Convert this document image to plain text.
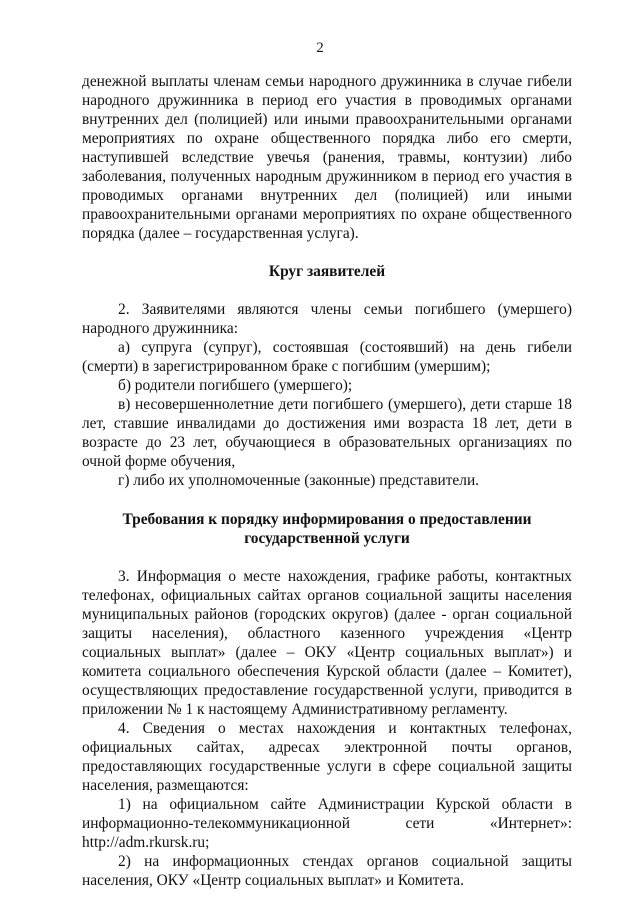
2

денежной выплаты членам семьи народного дружинника в случае гибели народного дружинника в период его участия в проводимых органами внутренних дел (полицией) или иными правоохранительными органами мероприятиях по охране общественного порядка либо его смерти, наступившей вследствие увечья (ранения, травмы, контузии) либо заболевания, полученных народным дружинником в период его участия в проводимых органами внутренних дел (полицией) или иными правоохранительными органами мероприятиях по охране общественного порядка (далее – государственная услуга).

Круг заявителей

2. Заявителями являются члены семьи погибшего (умершего) народного дружинника:

а) супруга (супруг), состоявшая (состоявший) на день гибели (смерти) в зарегистрированном браке с погибшим (умершим);

б) родители погибшего (умершего);

в) несовершеннолетние дети погибшего (умершего), дети старше 18 лет, ставшие инвалидами до достижения ими возраста 18 лет, дети в возрасте до 23 лет, обучающиеся в образовательных организациях по очной форме обучения,

г) либо их уполномоченные (законные) представители.

Требования к порядку информирования о предоставлении
государственной услуги

3. Информация о месте нахождения, графике работы, контактных телефонах, официальных сайтах органов социальной защиты населения муниципальных районов (городских округов) (далее - орган социальной защиты населения), областного казенного учреждения «Центр социальных выплат» (далее – ОКУ «Центр социальных выплат») и комитета социального обеспечения Курской области (далее – Комитет), осуществляющих предоставление государственной услуги, приводится в приложении № 1 к настоящему Административному регламенту.

4. Сведения о местах нахождения и контактных телефонах, официальных сайтах, адресах электронной почты органов, предоставляющих государственные услуги в сфере социальной защиты населения, размещаются:

1) на официальном сайте Администрации Курской области в информационно-телекоммуникационной сети «Интернет»: http://adm.rkursk.ru;

2) на информационных стендах органов социальной защиты населения, ОКУ «Центр социальных выплат» и Комитета.
